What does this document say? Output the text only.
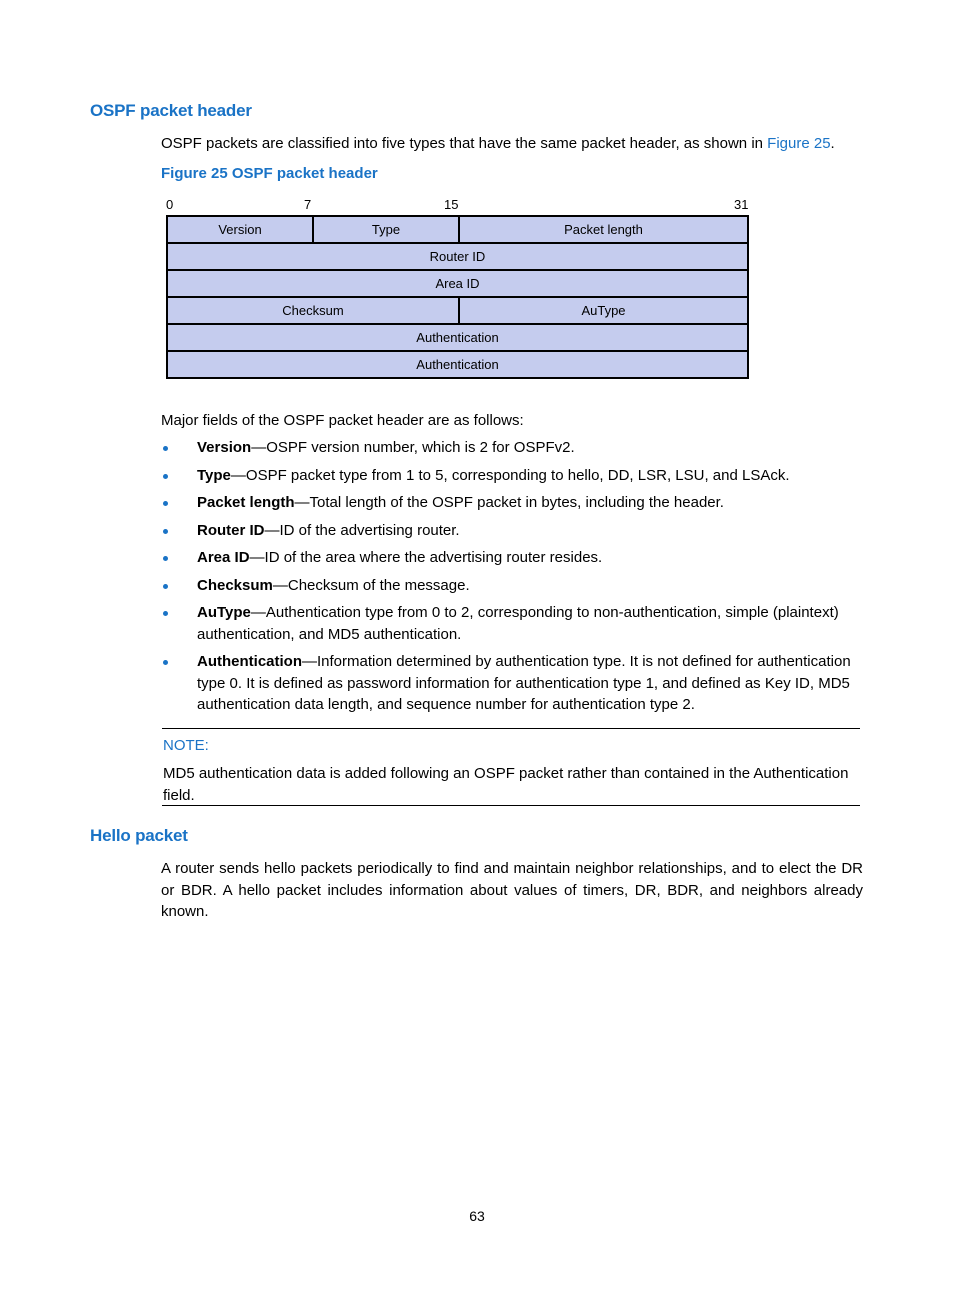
OSPF packet header
OSPF packets are classified into five types that have the same packet header, as shown in Figure 25.
Figure 25 OSPF packet header
0	7	15	31
Version	Type	Packet length
Router ID
Area ID
Checksum	AuType
Authentication
Authentication
Major fields of the OSPF packet header are as follows:
Version—OSPF version number, which is 2 for OSPFv2.
Type—OSPF packet type from 1 to 5, corresponding to hello, DD, LSR, LSU, and LSAck.
Packet length—Total length of the OSPF packet in bytes, including the header.
Router ID—ID of the advertising router.
Area ID—ID of the area where the advertising router resides.
Checksum—Checksum of the message.
AuType—Authentication type from 0 to 2, corresponding to non-authentication, simple (plaintext) authentication, and MD5 authentication.
Authentication—Information determined by authentication type. It is not defined for authentication type 0. It is defined as password information for authentication type 1, and defined as Key ID, MD5 authentication data length, and sequence number for authentication type 2.
NOTE:
MD5 authentication data is added following an OSPF packet rather than contained in the Authentication field.
Hello packet
A router sends hello packets periodically to find and maintain neighbor relationships, and to elect the DR or BDR. A hello packet includes information about values of timers, DR, BDR, and neighbors already known.
63
